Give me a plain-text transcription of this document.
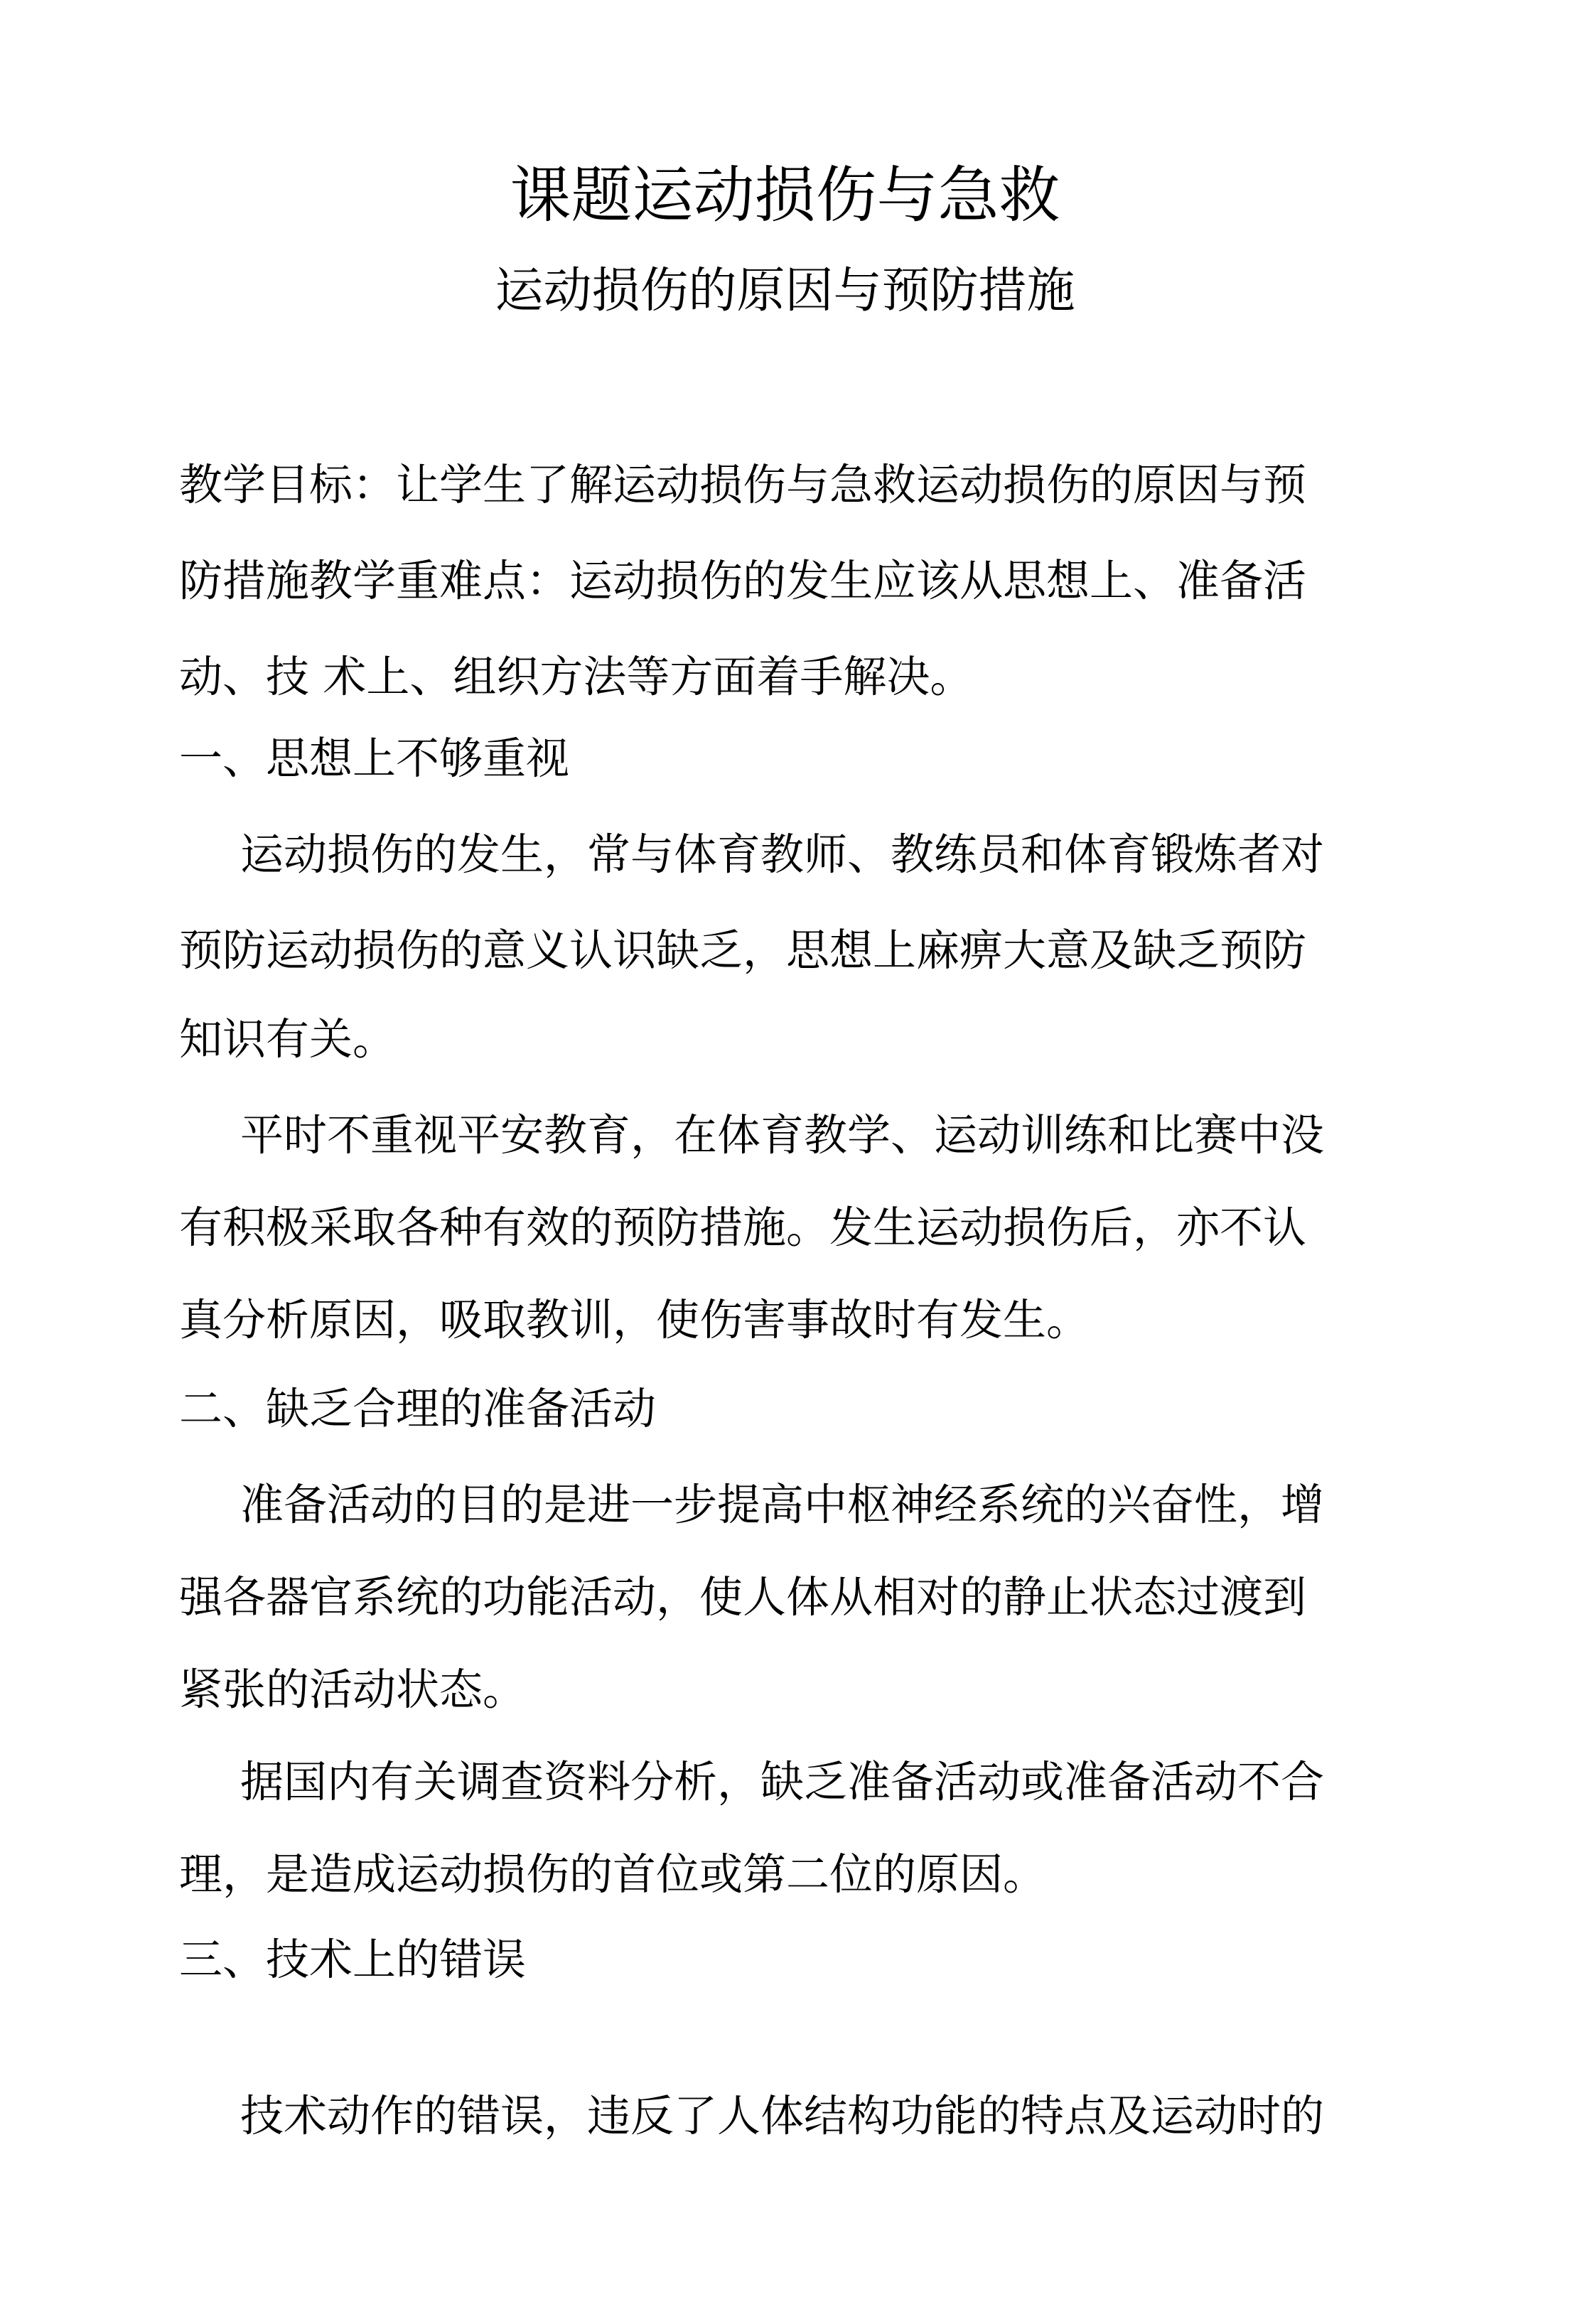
课题运动损伤与急救
运动损伤的原因与预防措施
教学目标：让学生了解运动损伤与急救运动损伤的原因与预
防措施教学重难点：运动损伤的发生应该从思想上、准备活
动、技 术上、组织方法等方面着手解决。
一、思想上不够重视
运动损伤的发生，常与体育教师、教练员和体育锻炼者对
预防运动损伤的意义认识缺乏，思想上麻痹大意及缺乏预防
知识有关。
平时不重视平安教育，在体育教学、运动训练和比赛中没
有积极采取各种有效的预防措施。发生运动损伤后，亦不认
真分析原因，吸取教训，使伤害事故时有发生。
二、缺乏合理的准备活动
准备活动的目的是进一步提高中枢神经系统的兴奋性，增
强各器官系统的功能活动，使人体从相对的静止状态过渡到
紧张的活动状态。
据国内有关调查资料分析，缺乏准备活动或准备活动不合
理，是造成运动损伤的首位或第二位的原因。
三、技术上的错误
技术动作的错误，违反了人体结构功能的特点及运动时的
